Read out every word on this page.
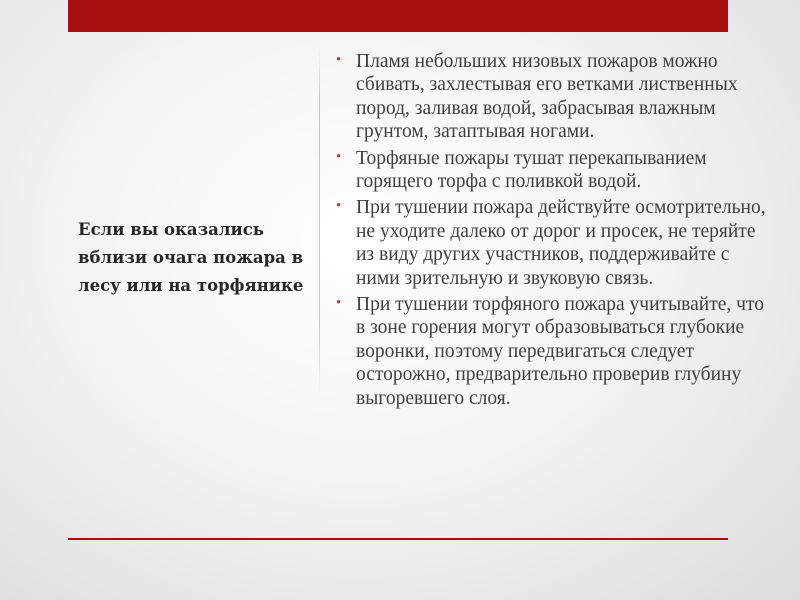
Если вы оказались вблизи очага пожара в лесу или на торфянике
• Пламя небольших низовых пожаров можно сбивать, захлестывая его ветками лиственных пород, заливая водой, забрасывая влажным грунтом, затаптывая ногами.
• Торфяные пожары тушат перекапыванием горящего торфа с поливкой водой.
• При тушении пожара действуйте осмотрительно, не уходите далеко от дорог и просек, не теряйте из виду других участников, поддерживайте с ними зрительную и звуковую связь.
• При тушении торфяного пожара учитывайте, что в зоне горения могут образовываться глубокие воронки, поэтому передвигаться следует осторожно, предварительно проверив глубину выгоревшего слоя.
